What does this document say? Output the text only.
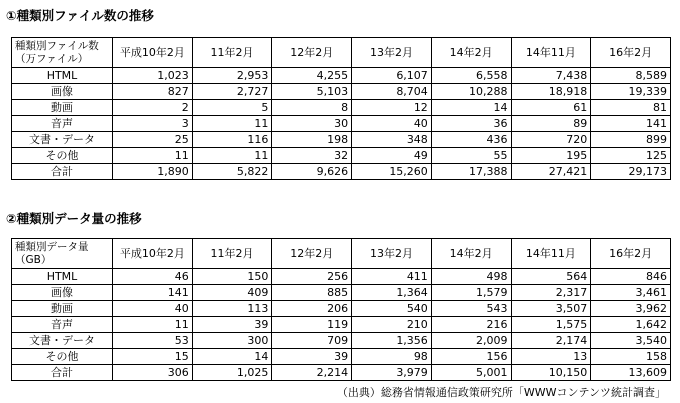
①種類別ファイル数の推移
種類別ファイル数
（万ファイル）	平成10年2月	11年2月	12年2月	13年2月	14年2月	14年11月	16年2月
HTML	1,023	2,953	4,255	6,107	6,558	7,438	8,589
画像	827	2,727	5,103	8,704	10,288	18,918	19,339
動画	2	5	8	12	14	61	81
音声	3	11	30	40	36	89	141
文書・データ	25	116	198	348	436	720	899
その他	11	11	32	49	55	195	125
合計	1,890	5,822	9,626	15,260	17,388	27,421	29,173
②種類別データ量の推移
種類別データ量
（GB）	平成10年2月	11年2月	12年2月	13年2月	14年2月	14年11月	16年2月
HTML	46	150	256	411	498	564	846
画像	141	409	885	1,364	1,579	2,317	3,461
動画	40	113	206	540	543	3,507	3,962
音声	11	39	119	210	216	1,575	1,642
文書・データ	53	300	709	1,356	2,009	2,174	3,540
その他	15	14	39	98	156	13	158
合計	306	1,025	2,214	3,979	5,001	10,150	13,609
（出典）総務省情報通信政策研究所「WWWコンテンツ統計調査」
